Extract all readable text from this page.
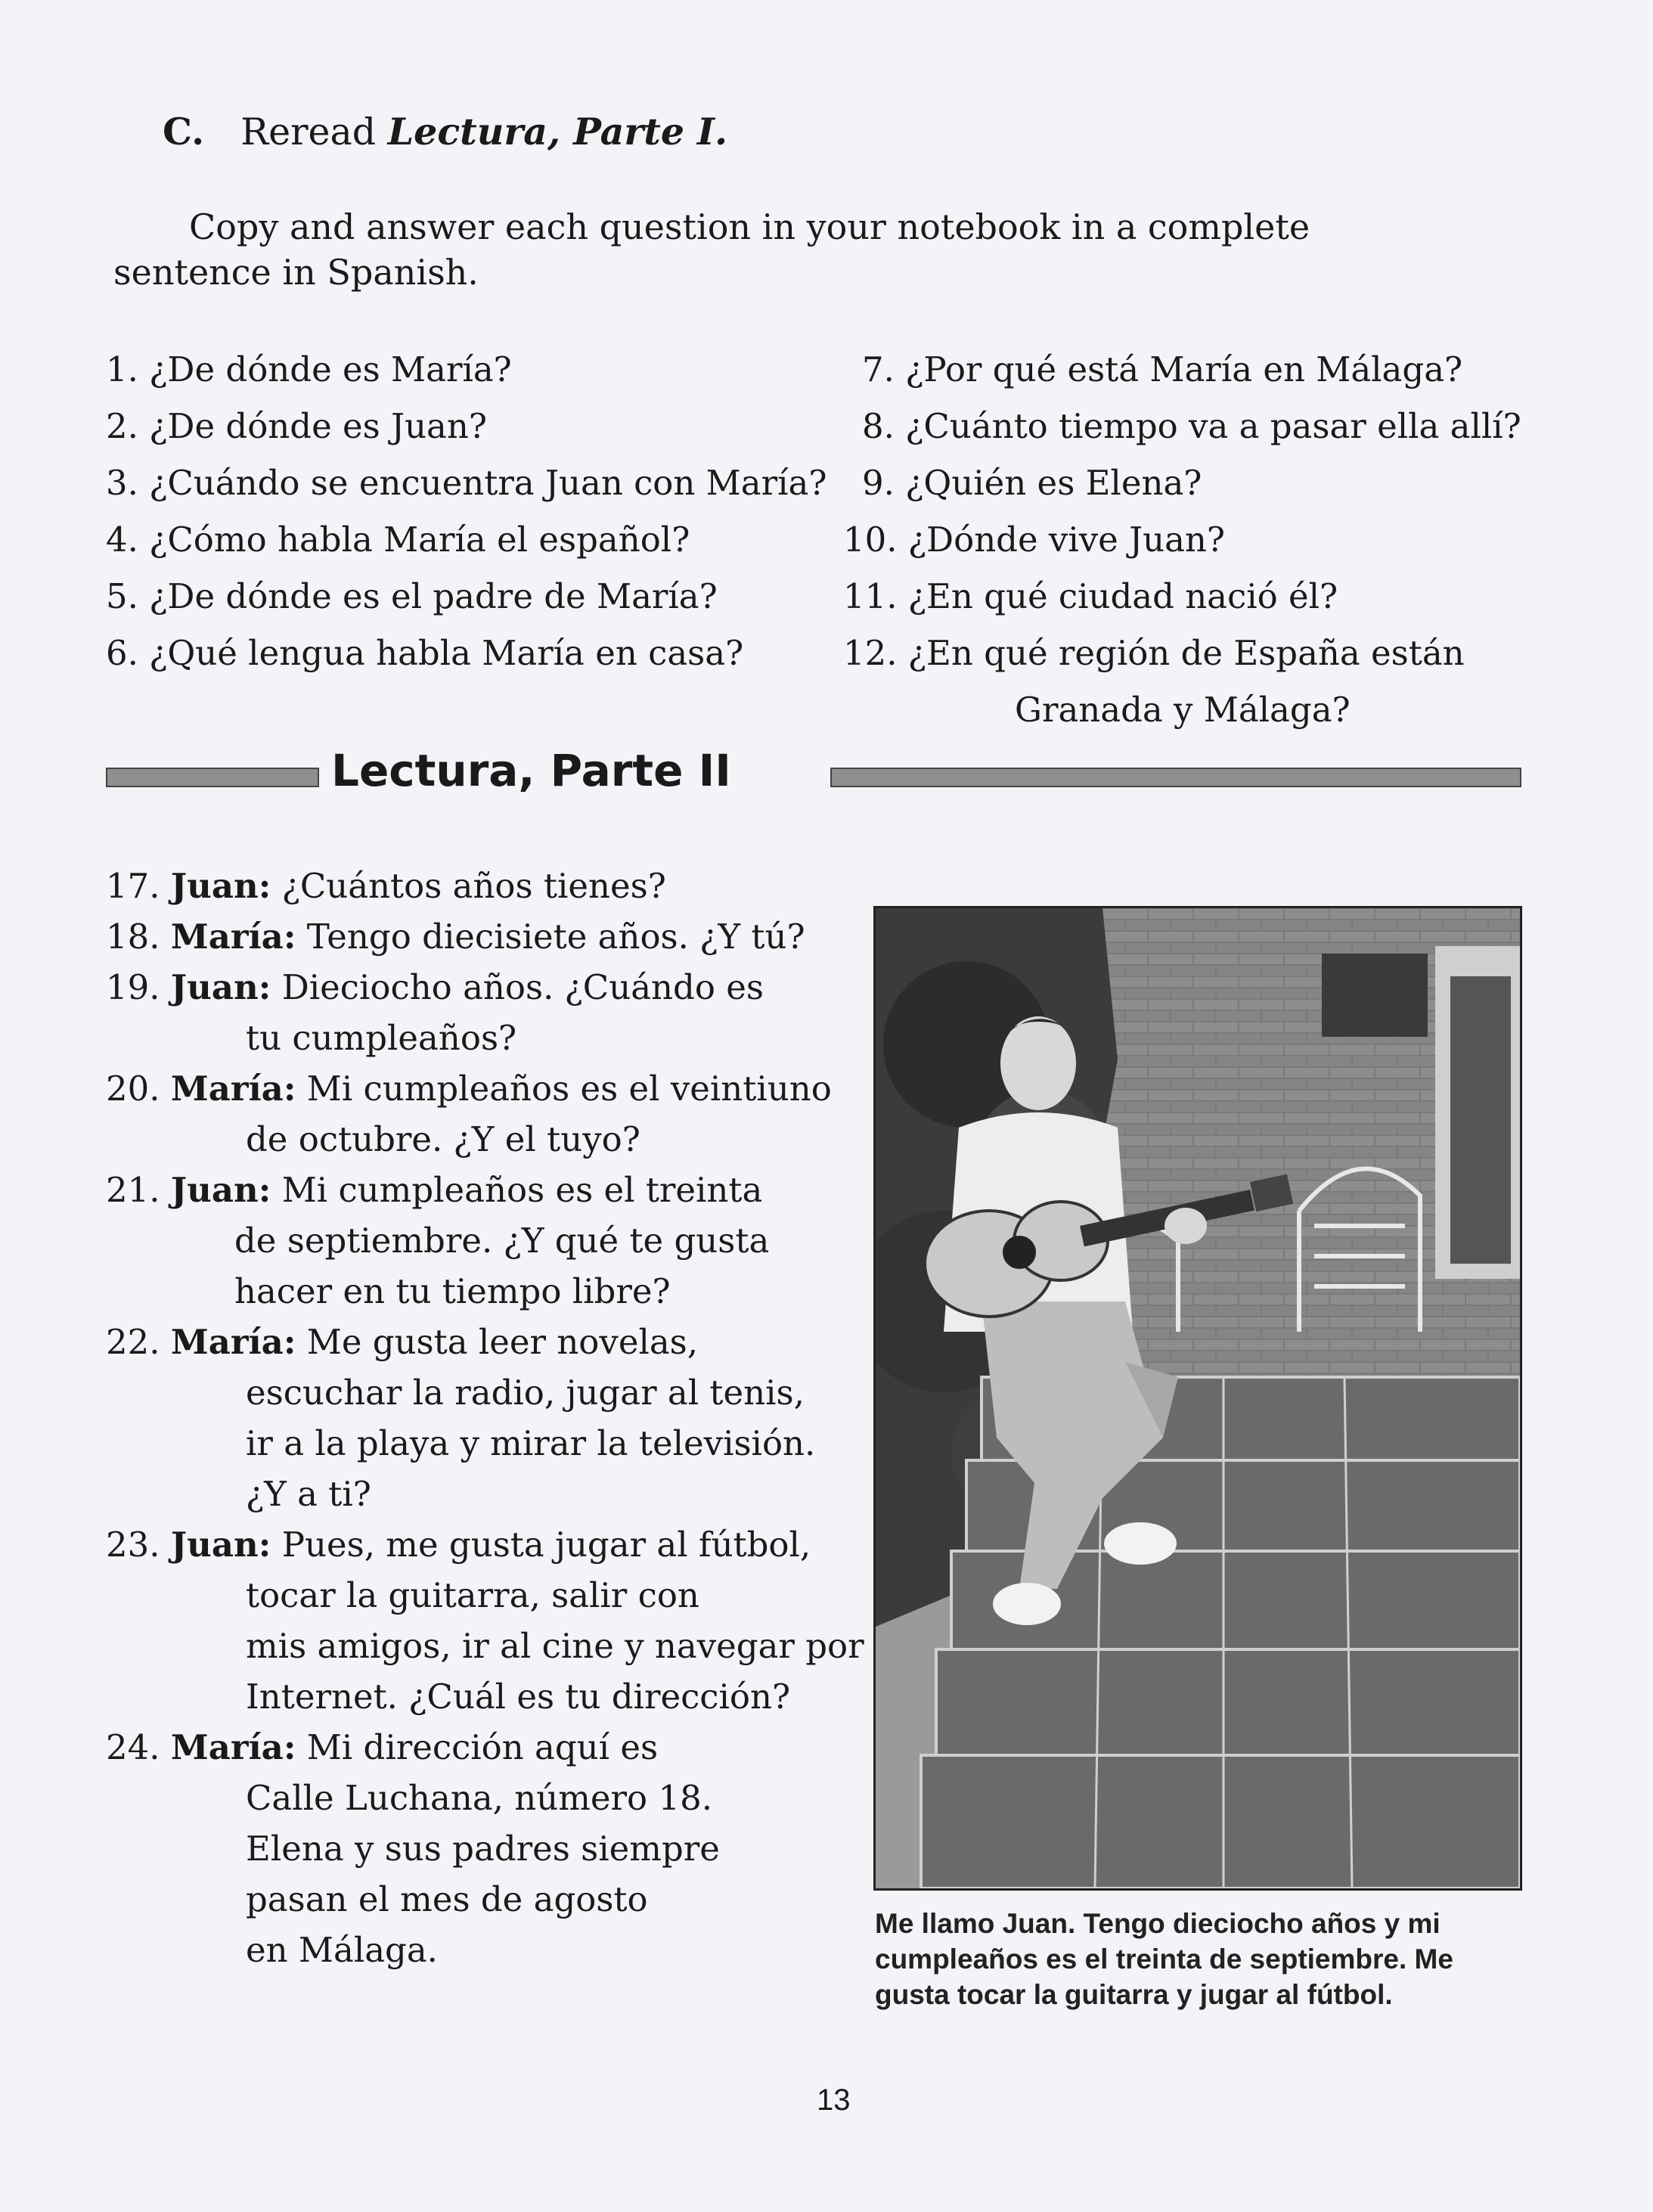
C. Reread Lectura, Parte I.
Copy and answer each question in your notebook in a complete sentence in Spanish.
1. ¿De dónde es María?
2. ¿De dónde es Juan?
3. ¿Cuándo se encuentra Juan con María?
4. ¿Cómo habla María el español?
5. ¿De dónde es el padre de María?
6. ¿Qué lengua habla María en casa?
7. ¿Por qué está María en Málaga?
8. ¿Cuánto tiempo va a pasar ella allí?
9. ¿Quién es Elena?
10. ¿Dónde vive Juan?
11. ¿En qué ciudad nació él?
12. ¿En qué región de España están
Granada y Málaga?
Lectura, Parte II
17. Juan: ¿Cuántos años tienes?
18. María: Tengo diecisiete años. ¿Y tú?
19. Juan: Dieciocho años. ¿Cuándo es
tu cumpleaños?
20. María: Mi cumpleaños es el veintiuno
de octubre. ¿Y el tuyo?
21. Juan: Mi cumpleaños es el treinta
de septiembre. ¿Y qué te gusta
hacer en tu tiempo libre?
22. María: Me gusta leer novelas,
escuchar la radio, jugar al tenis,
ir a la playa y mirar la televisión.
¿Y a ti?
23. Juan: Pues, me gusta jugar al fútbol,
tocar la guitarra, salir con
mis amigos, ir al cine y navegar por
Internet. ¿Cuál es tu dirección?
24. María: Mi dirección aquí es
Calle Luchana, número 18.
Elena y sus padres siempre
pasan el mes de agosto
en Málaga.
Me llamo Juan. Tengo dieciocho años y mi cumpleaños es el treinta de septiembre. Me gusta tocar la guitarra y jugar al fútbol.
13
